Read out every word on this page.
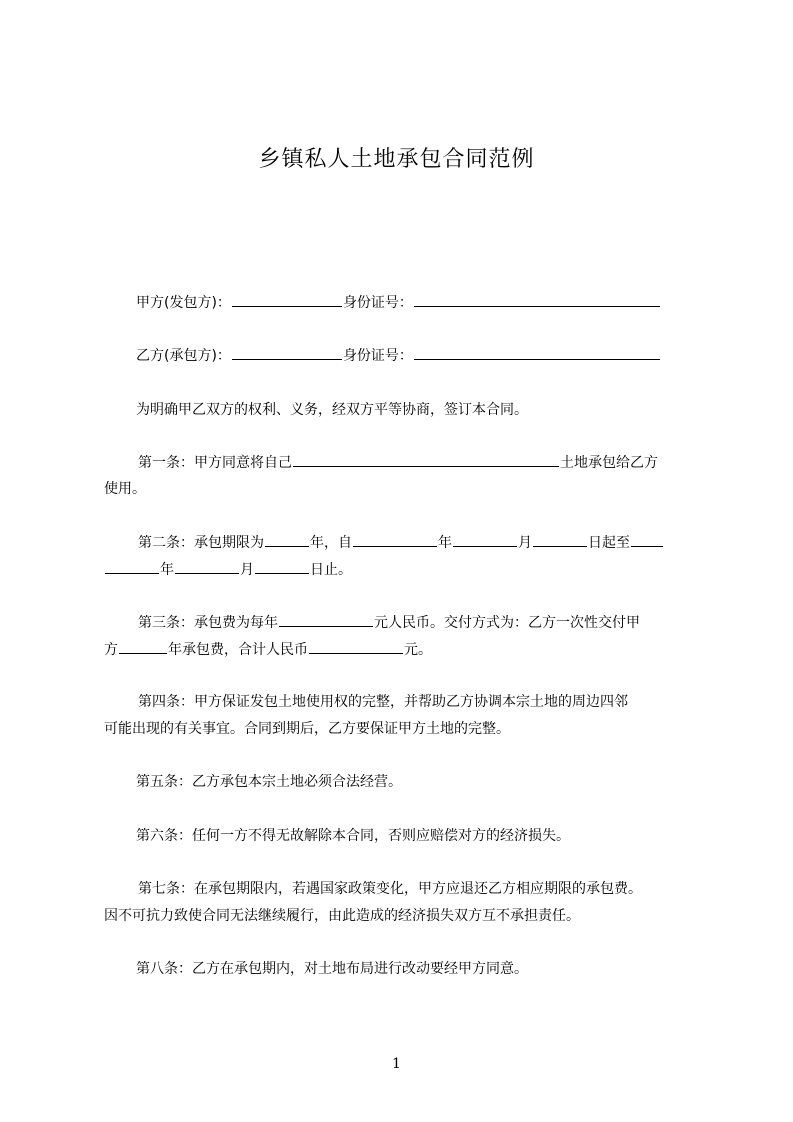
乡镇私人土地承包合同范例
甲方(发包方)：	身份证号：
乙方(承包方)：	身份证号：
为明确甲乙双方的权利、义务，经双方平等协商，签订本合同。
第一条：甲方同意将自己	土地承包给乙方
使用。
第二条：承包期限为	年，自	年	月	日起至
年	月	日止。
第三条：承包费为每年	元人民币。交付方式为：乙方一次性交付甲
方	年承包费，合计人民币	元。
第四条：甲方保证发包土地使用权的完整，并帮助乙方协调本宗土地的周边四邻
可能出现的有关事宜。合同到期后，乙方要保证甲方土地的完整。
第五条：乙方承包本宗土地必须合法经营。
第六条：任何一方不得无故解除本合同，否则应赔偿对方的经济损失。
第七条：在承包期限内，若遇国家政策变化，甲方应退还乙方相应期限的承包费。
因不可抗力致使合同无法继续履行，由此造成的经济损失双方互不承担责任。
第八条：乙方在承包期内，对土地布局进行改动要经甲方同意。
1
